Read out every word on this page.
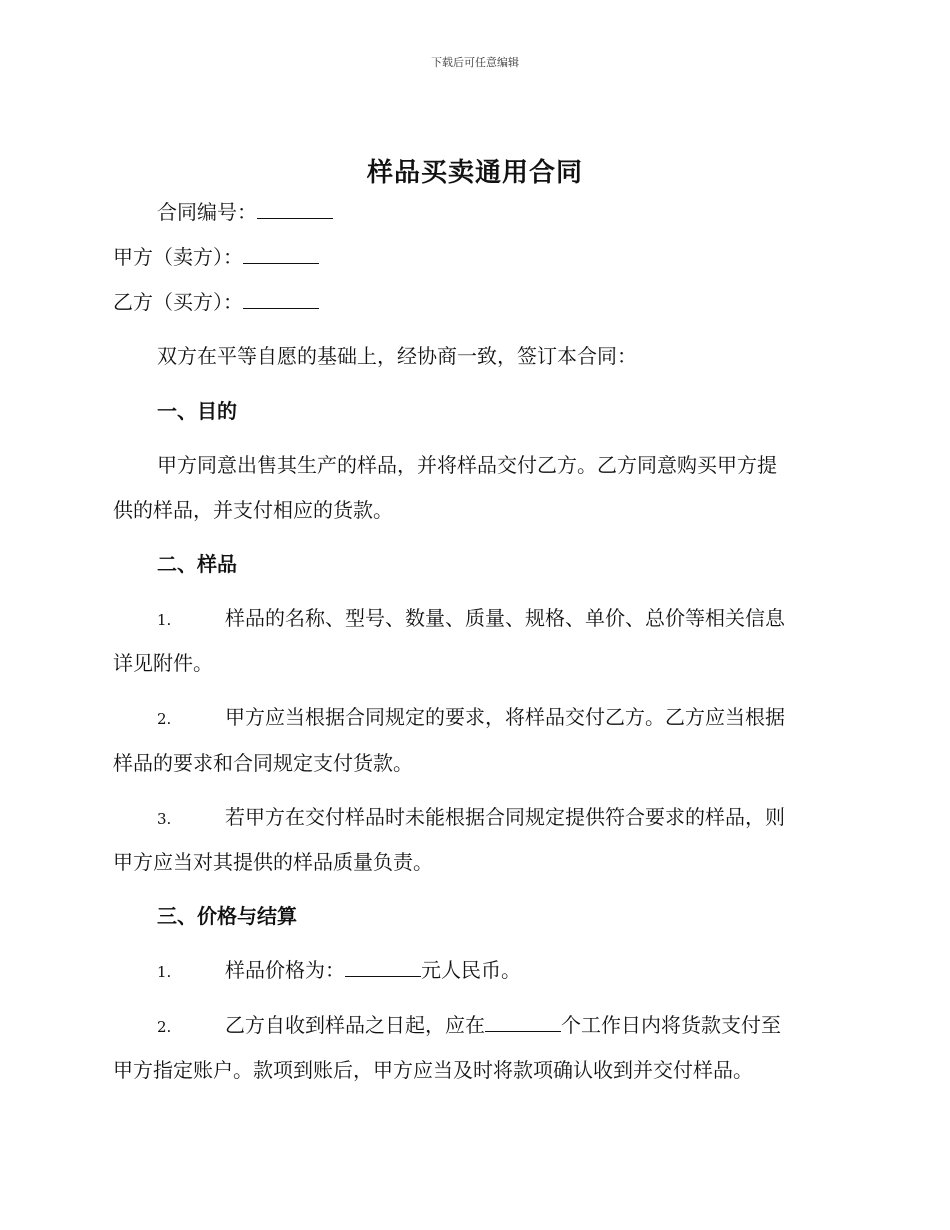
下载后可任意编辑
样品买卖通用合同
合同编号：
甲方（卖方）：
乙方（买方）：
双方在平等自愿的基础上，经协商一致，签订本合同：
一、目的
甲方同意出售其生产的样品，并将样品交付乙方。乙方同意购买甲方提
供的样品，并支付相应的货款。
二、样品
1.	样品的名称、型号、数量、质量、规格、单价、总价等相关信息
详见附件。
2.	甲方应当根据合同规定的要求，将样品交付乙方。乙方应当根据
样品的要求和合同规定支付货款。
3.	若甲方在交付样品时未能根据合同规定提供符合要求的样品，则
甲方应当对其提供的样品质量负责。
三、价格与结算
1.	样品价格为：	元人民币。
2.	乙方自收到样品之日起，应在	个工作日内将货款支付至
甲方指定账户。款项到账后，甲方应当及时将款项确认收到并交付样品。
